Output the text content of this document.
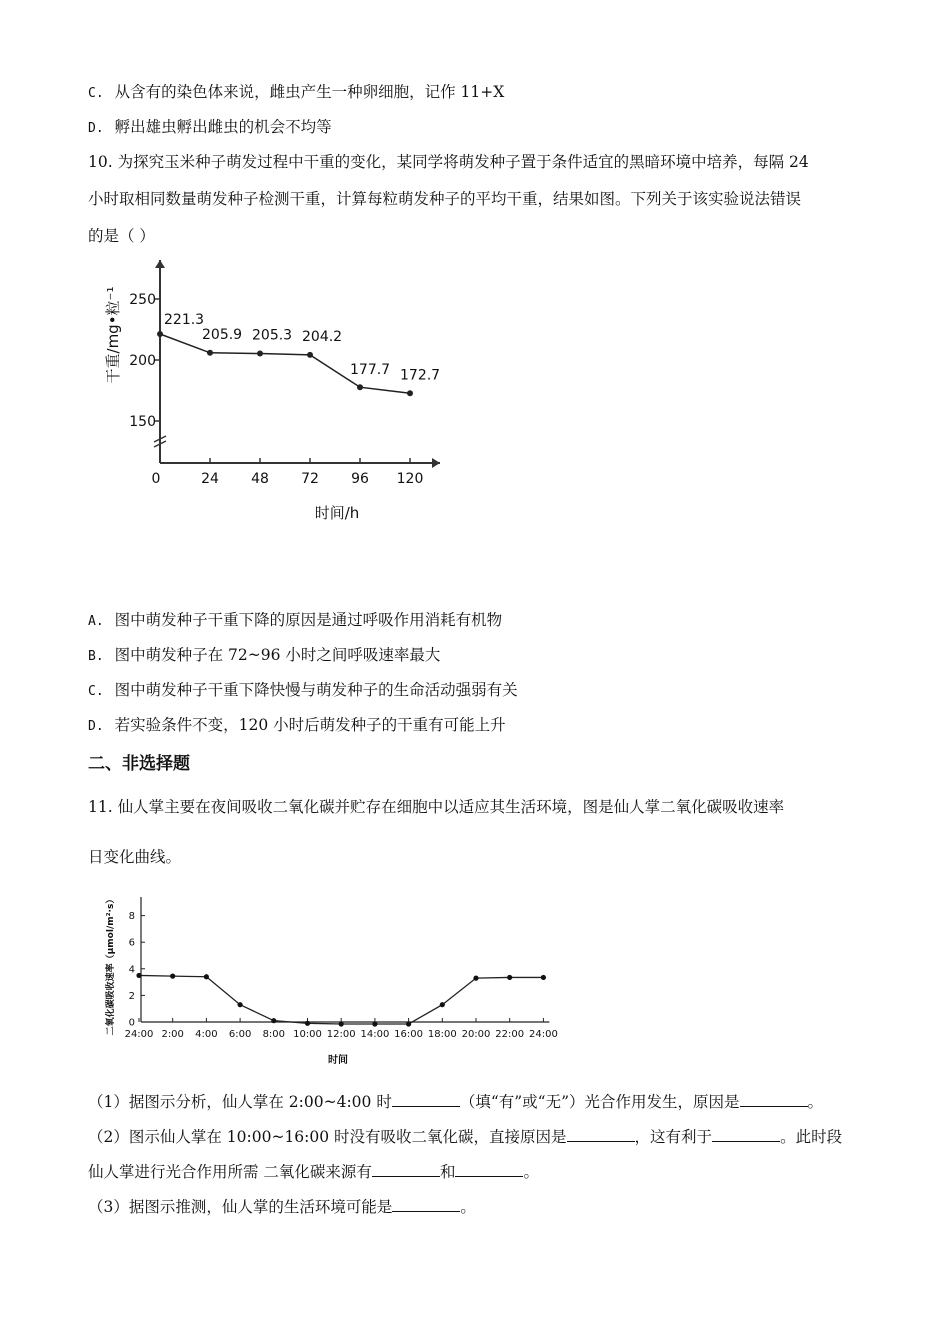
C. 从含有的染色体来说，雌虫产生一种卵细胞，记作 11+X
D. 孵出雄虫孵出雌虫的机会不均等
10. 为探究玉米种子萌发过程中干重的变化，某同学将萌发种子置于条件适宜的黑暗环境中培养，每隔 24
小时取相同数量萌发种子检测干重，计算每粒萌发种子的平均干重，结果如图。下列关于该实验说法错误
的是（ ）
150
200
250
0	24 48 72 96 120
221.3
205.9 205.3 204.2
177.7 172.7
干重/mg•粒⁻¹
时间/h
A. 图中萌发种子干重下降的原因是通过呼吸作用消耗有机物
B. 图中萌发种子在 72~96 小时之间呼吸速率最大
C. 图中萌发种子干重下降快慢与萌发种子的生命活动强弱有关
D. 若实验条件不变，120 小时后萌发种子的干重有可能上升
二、非选择题
11. 仙人掌主要在夜间吸收二氧化碳并贮存在细胞中以适应其生活环境，图是仙人掌二氧化碳吸收速率
日变化曲线。
0
2
4
6
8
24:00 2:00 4:00 6:00 8:00 10:00 12:00 14:00 16:00 18:00 20:00 22:00 24:00
二氧化碳吸收速率（μmol/m²·s）
时间
（1）据图示分析，仙人掌在 2:00~4:00 时	（填“有”或“无”）光合作用发生，原因是	。
（2）图示仙人掌在 10:00~16:00 时没有吸收二氧化碳，直接原因是	，这有利于	。此时段
仙人掌进行光合作用所需 二氧化碳来源有	和	。
（3）据图示推测，仙人掌的生活环境可能是	。
